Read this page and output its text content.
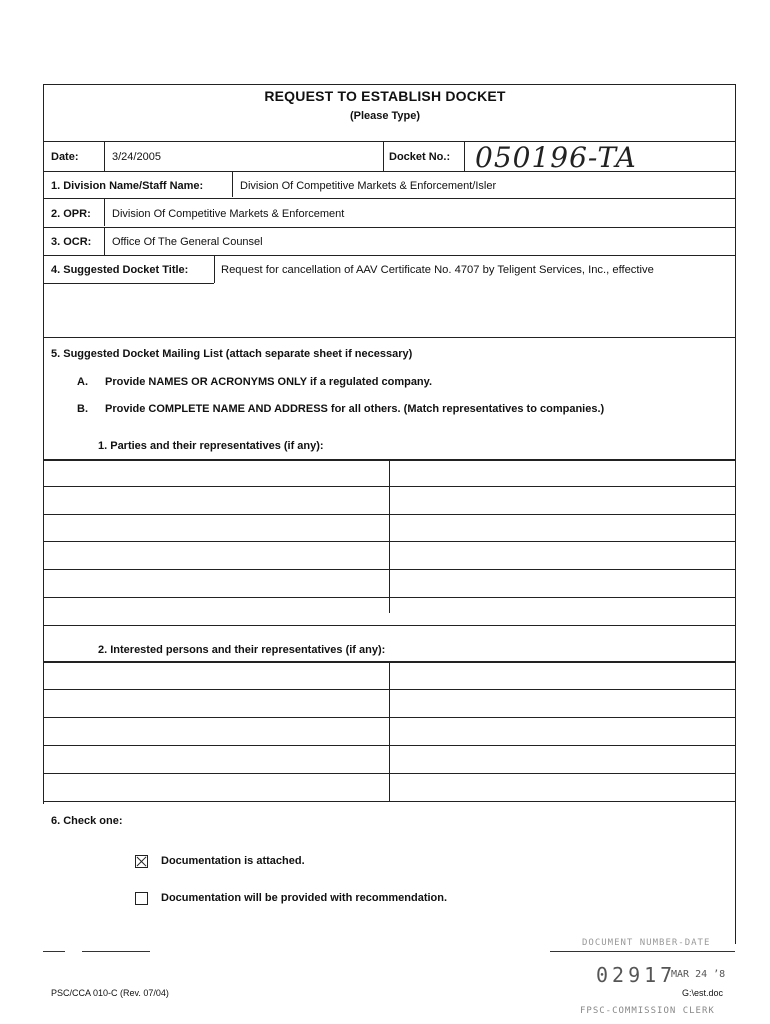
REQUEST TO ESTABLISH DOCKET
(Please Type)
Date:	3/24/2005	Docket No.: 050196-TA
1. Division Name/Staff Name:	Division Of Competitive Markets & Enforcement/Isler
2. OPR: Division Of Competitive Markets & Enforcement
3. OCR: Office Of The General Counsel
4. Suggested Docket Title:	Request for cancellation of AAV Certificate No. 4707 by Teligent Services, Inc., effective
5. Suggested Docket Mailing List (attach separate sheet if necessary)
A. Provide NAMES OR ACRONYMS ONLY if a regulated company.
B. Provide COMPLETE NAME AND ADDRESS for all others. (Match representatives to companies.)
1. Parties and their representatives (if any):
2. Interested persons and their representatives (if any):
6. Check one:
Documentation is attached.
Documentation will be provided with recommendation.
PSC/CCA 010-C (Rev. 07/04)
DOCUMENT NUMBER-DATE
02917
MAR 24 ’8
G:\est.doc
FPSC-COMMISSION CLERK
